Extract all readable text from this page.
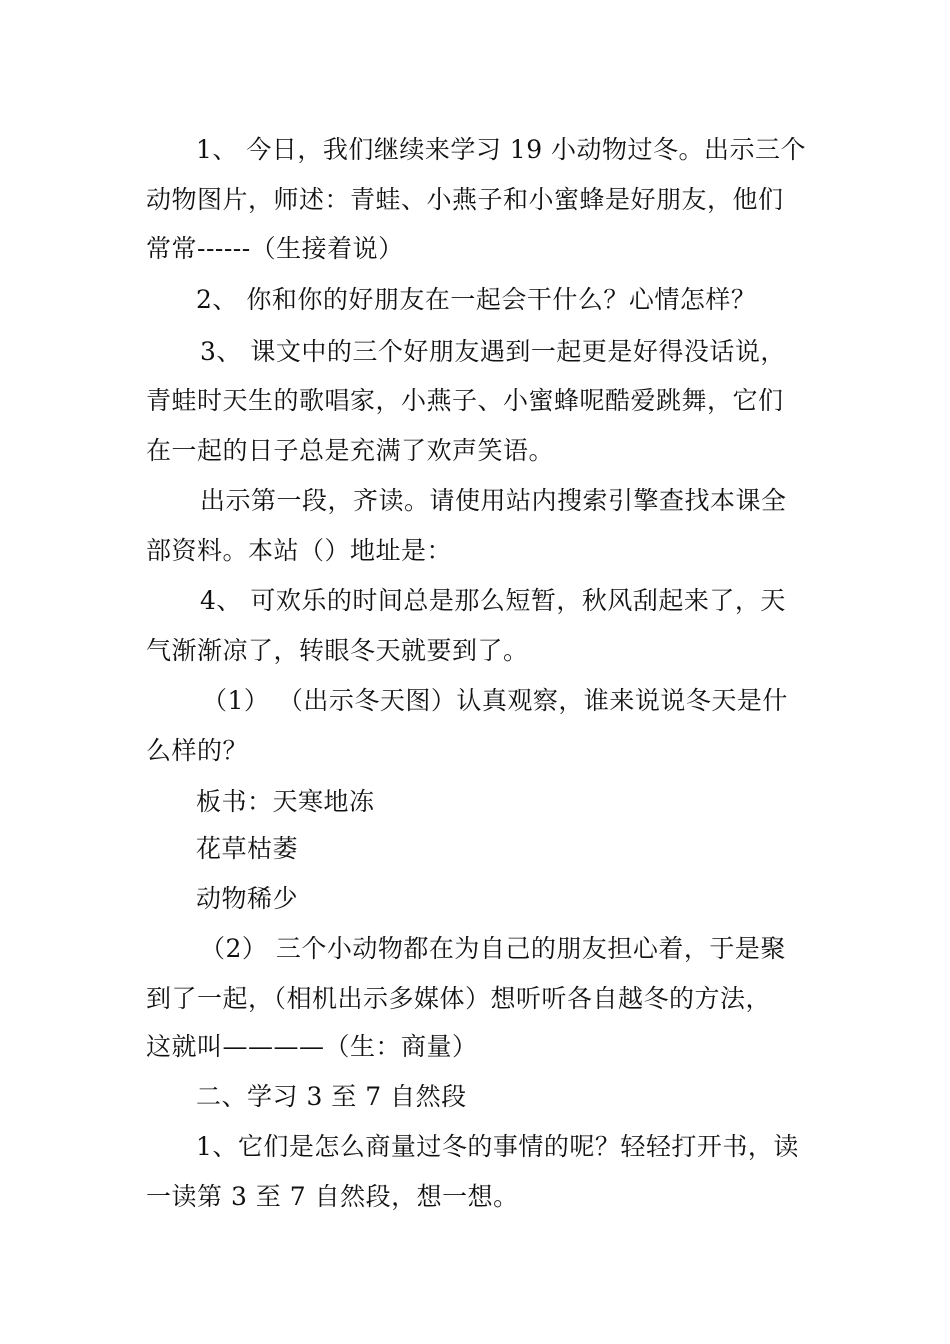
1、 今日，我们继续来学习 19 小动物过冬。出示三个
动物图片，师述：青蛙、小燕子和小蜜蜂是好朋友，他们
常常------（生接着说）
2、 你和你的好朋友在一起会干什么？心情怎样？
3、 课文中的三个好朋友遇到一起更是好得没话说，
青蛙时天生的歌唱家，小燕子、小蜜蜂呢酷爱跳舞，它们
在一起的日子总是充满了欢声笑语。
出示第一段，齐读。请使用站内搜索引擎查找本课全
部资料。本站（）地址是：
4、 可欢乐的时间总是那么短暂，秋风刮起来了，天
气渐渐凉了，转眼冬天就要到了。
（1） （出示冬天图）认真观察，谁来说说冬天是什
么样的？
板书：天寒地冻
花草枯萎
动物稀少
（2） 三个小动物都在为自己的朋友担心着，于是聚
到了一起，（相机出示多媒体）想听听各自越冬的方法，
这就叫————（生：商量）
二、学习 3 至 7 自然段
1、它们是怎么商量过冬的事情的呢？轻轻打开书，读
一读第 3 至 7 自然段，想一想。
